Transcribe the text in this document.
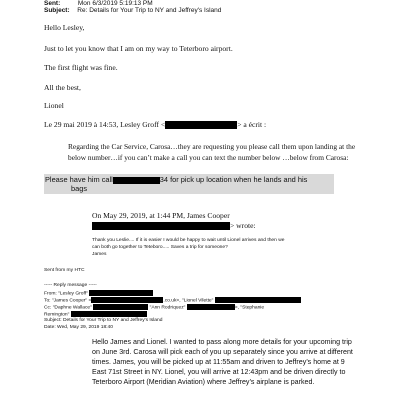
Sent:	Mon 6/3/2019 5:19:13 PM
Subject: Re: Details for Your Trip to NY and Jeffrey's Island
Hello Lesley,
Just to let you know that I am on my way to Teterboro airport.
The first flight was fine.
All the best,
Lionel
Le 29 mai 2019 à 14:53, Lesley Groff <	> a écrit :
Regarding the Car Service, Carosa…they are requesting you please call them upon landing at the below number…if you can’t make a call you can text the number below …below from Carosa:
Please have him call	34 for pick up location when he lands and his
bags
On May 29, 2019, at 1:44 PM, James Cooper
> wrote:
Thank you Leslie.... If it is easier I would be happy to wait until Lionel arrives and then we
can both go together to Teteboro..... Saves a trip for someone?
James
Sent from my HTC
----- Reply message -----
From: "Lesley Groff"
To: "James Cooper" <	.co.uk>, "Lionel Vilette"
Cc: "Daphne Wallace"	"Ann Rodriquez"	>, "Stephanie
Remington"
Subject: Details for Your Trip to NY and Jeffrey's Island
Date: Wed, May 29, 2019 18:40
Hello James and Lionel. I wanted to pass along more details for your upcoming trip on June 3rd. Carosa will pick each of you up separately since you arrive at different times. James, you will be picked up at 11:55am and driven to Jeffrey’s home at 9 East 71st Street in NY. Lionel, you will arrive at 12:43pm and be driven directly to Teterboro Airport (Meridian Aviation) where Jeffrey’s airplane is parked.
